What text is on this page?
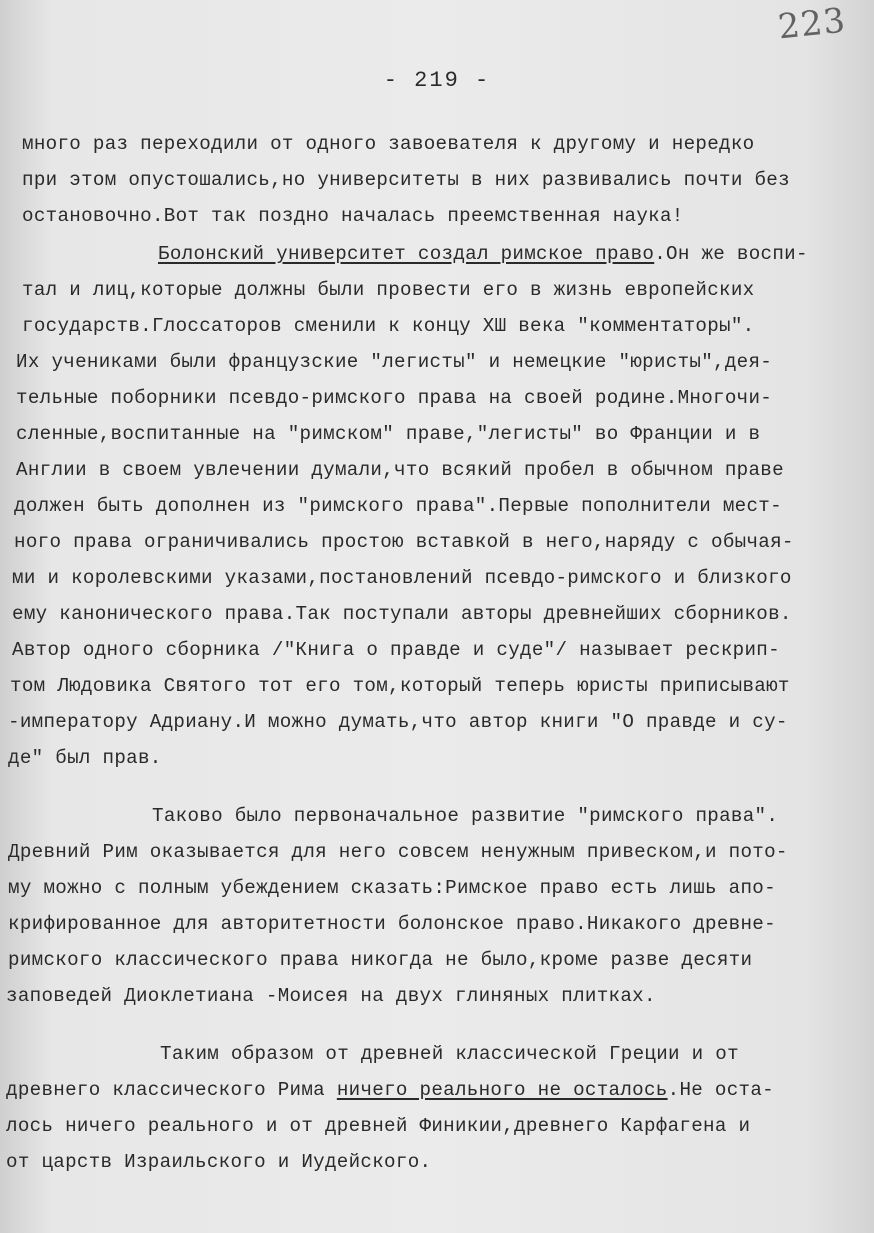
223
- 219 -
много раз переходили от одного завоевателя к другому и нередко
при этом опустошались,но университеты в них развивались почти без
остановочно.Вот так поздно началась преемственная наука!
Болонский университет создал римское право.Он же воспи-
тал и лиц,которые должны были провести его в жизнь европейских
государств.Глоссаторов сменили к концу XШ века "комментаторы".
Их учениками были французские "легисты" и немецкие "юристы",дея-
тельные поборники псевдо-римского права на своей родине.Многочи-
сленные,воспитанные на "римском" праве,"легисты" во Франции и в
Англии в своем увлечении думали,что всякий пробел в обычном праве
должен быть дополнен из "римского права".Первые пополнители мест-
ного права ограничивались простою вставкой в него,наряду с обычая-
ми и королевскими указами,постановлений псевдо-римского и близкого
ему канонического права.Так поступали авторы древнейших сборников.
Автор одного сборника /"Книга о правде и суде"/ называет рескрип-
том Людовика Святого тот его том,который теперь юристы приписывают
-императору Адриану.И можно думать,что автор книги "О правде и су-
де" был прав.
Таково было первоначальное развитие "римского права".
Древний Рим оказывается для него совсем ненужным привеском,и пото-
му можно с полным убеждением сказать:Римское право есть лишь апо-
крифированное для авторитетности болонское право.Никакого древне-
римского классического права никогда не было,кроме разве десяти
заповедей Диоклетиана -Моисея на двух глиняных плитках.
Таким образом от древней классической Греции и от
древнего классического Рима ничего реального не осталось.Не оста-
лось ничего реального и от древней Финикии,древнего Карфагена и
от царств Израильского и Иудейского.
